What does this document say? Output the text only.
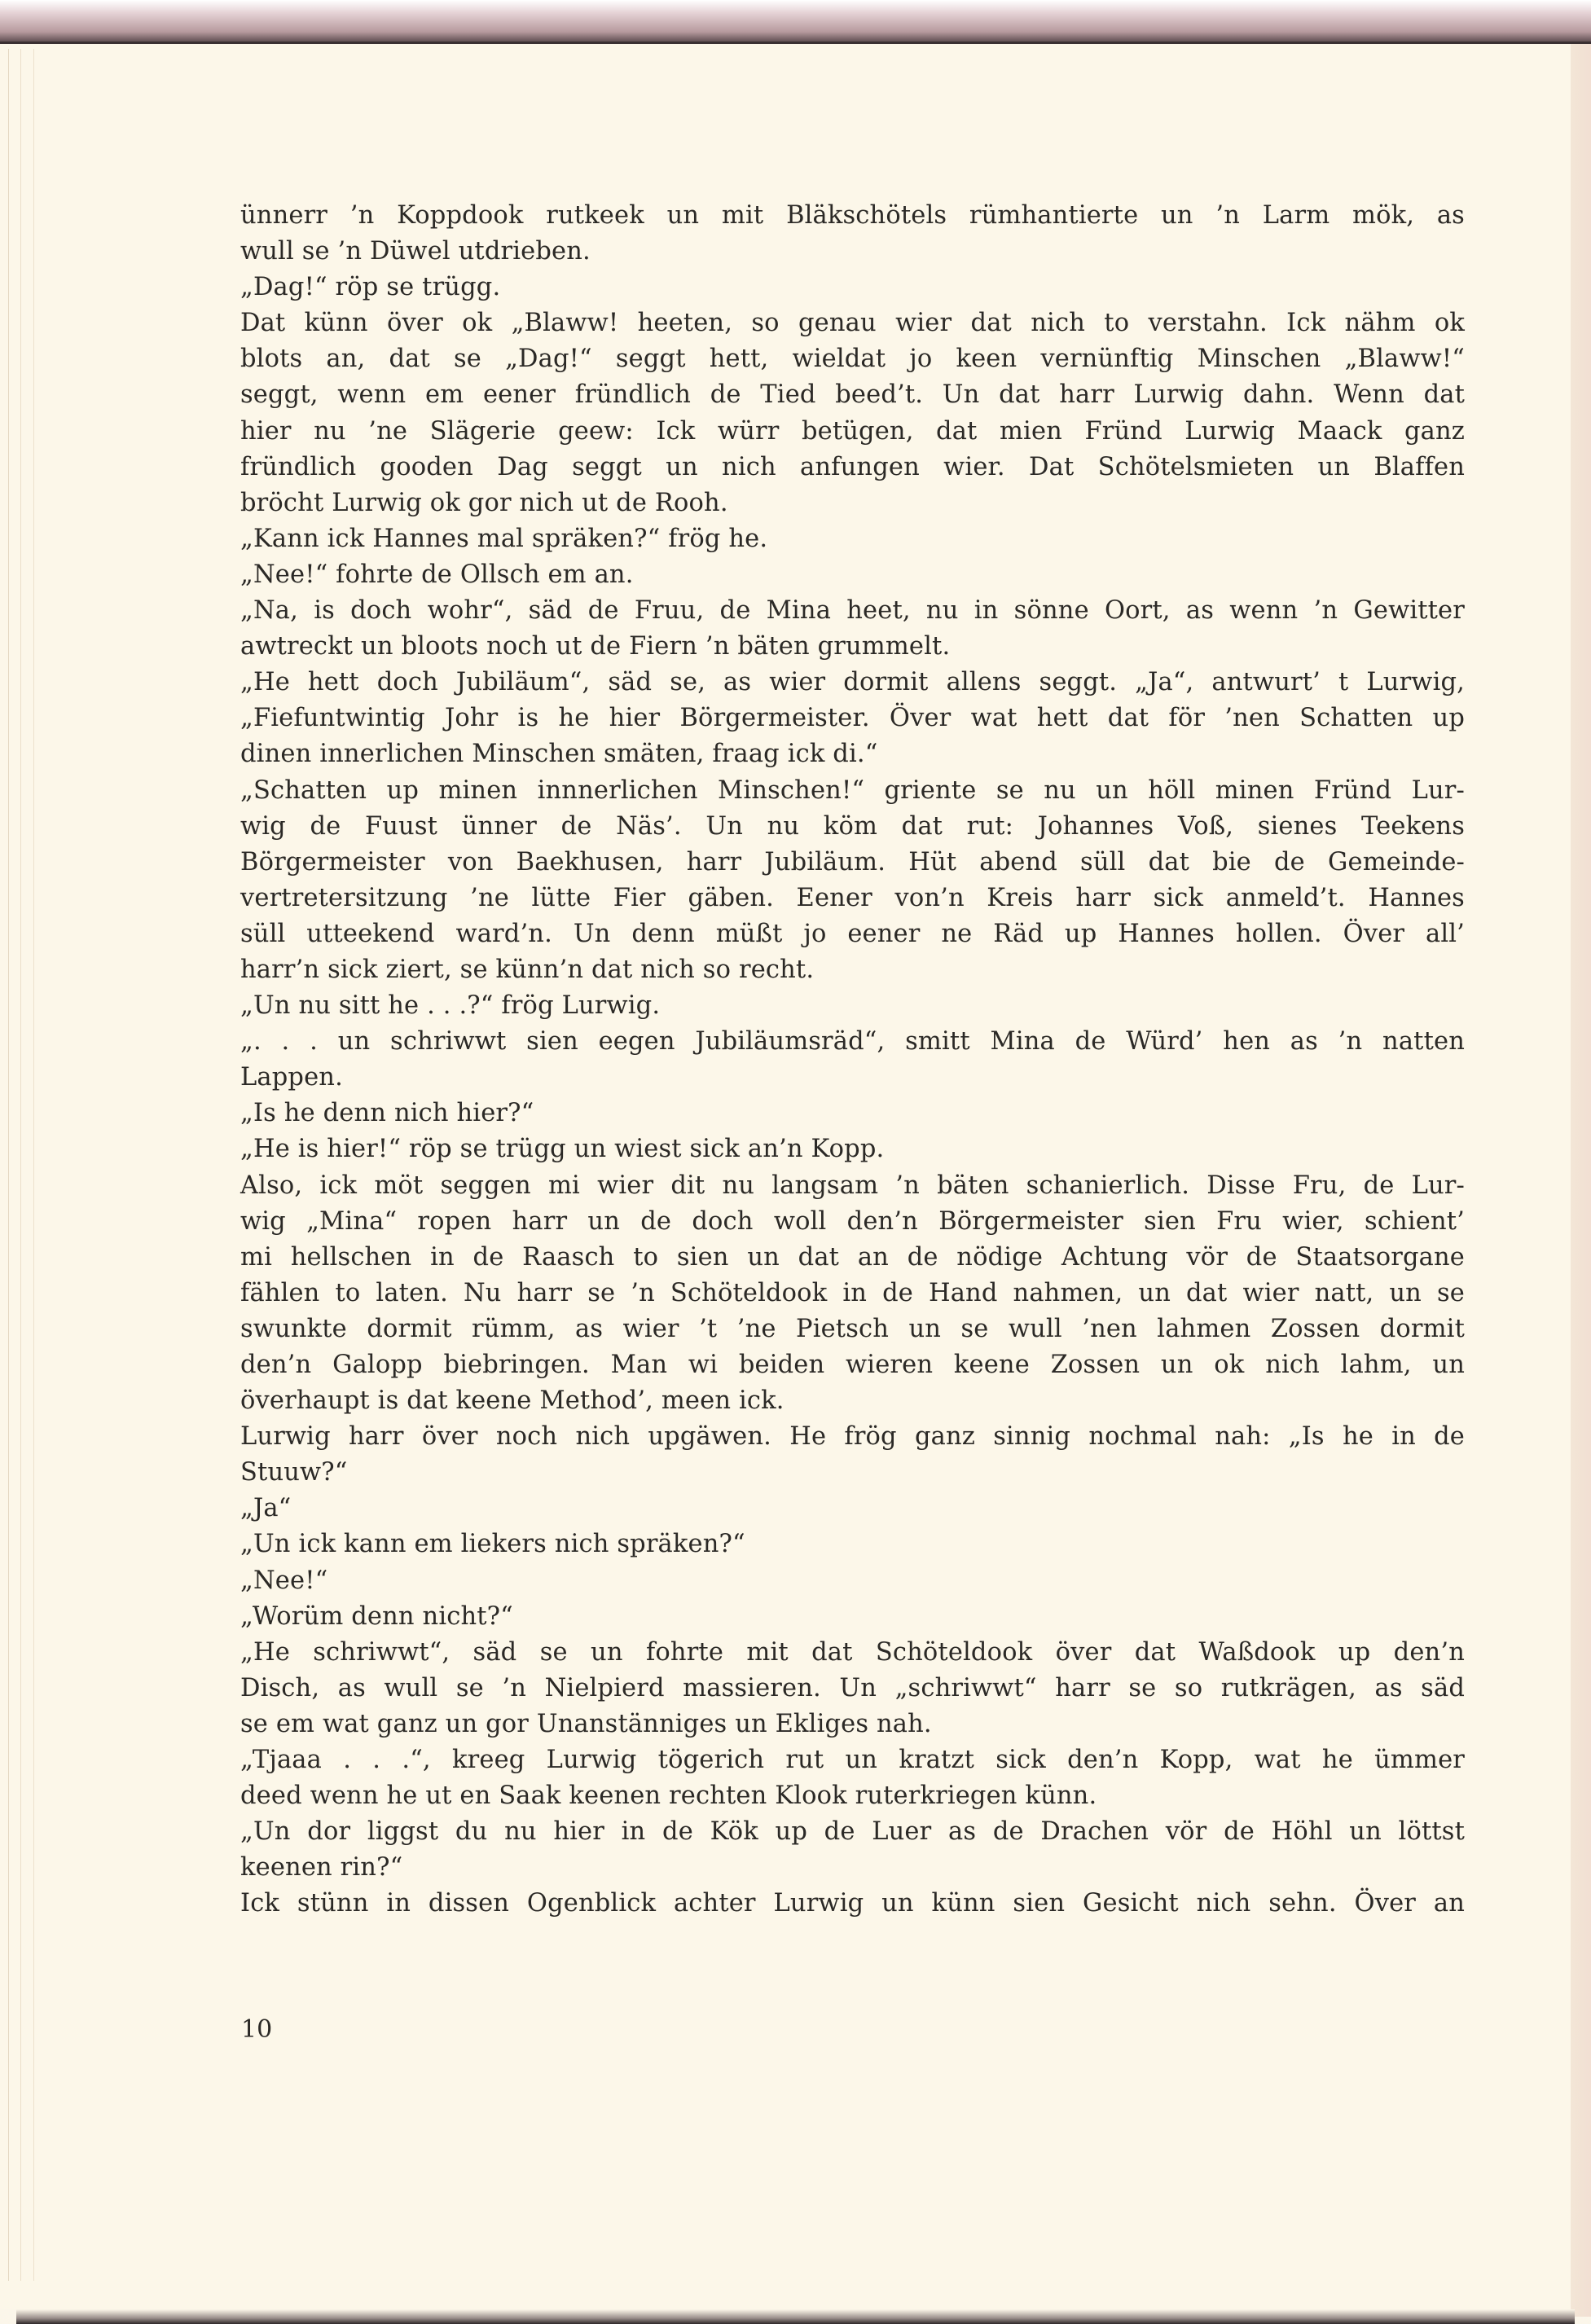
ünnerr ’n Koppdook rutkeek un mit Bläkschötels rümhantierte un ’n Larm mök, as
wull se ’n Düwel utdrieben.
„Dag!“ röp se trügg.
Dat künn över ok „Blaww! heeten, so genau wier dat nich to verstahn. Ick nähm ok
blots an, dat se „Dag!“ seggt hett, wieldat jo keen vernünftig Minschen „Blaww!“
seggt, wenn em eener fründlich de Tied beed’t. Un dat harr Lurwig dahn. Wenn dat
hier nu ’ne Slägerie geew: Ick würr betügen, dat mien Fründ Lurwig Maack ganz
fründlich gooden Dag seggt un nich anfungen wier. Dat Schötelsmieten un Blaffen
bröcht Lurwig ok gor nich ut de Rooh.
„Kann ick Hannes mal spräken?“ frög he.
„Nee!“ fohrte de Ollsch em an.
„Na, is doch wohr“, säd de Fruu, de Mina heet, nu in sönne Oort, as wenn ’n Gewitter
awtreckt un bloots noch ut de Fiern ’n bäten grummelt.
„He hett doch Jubiläum“, säd se, as wier dormit allens seggt. „Ja“, antwurt’ t Lurwig,
„Fiefuntwintig Johr is he hier Börgermeister. Över wat hett dat för ’nen Schatten up
dinen innerlichen Minschen smäten, fraag ick di.“
„Schatten up minen innnerlichen Minschen!“ griente se nu un höll minen Fründ Lur-
wig de Fuust ünner de Näs’. Un nu köm dat rut: Johannes Voß, sienes Teekens
Börgermeister von Baekhusen, harr Jubiläum. Hüt abend süll dat bie de Gemeinde-
vertretersitzung ’ne lütte Fier gäben. Eener von’n Kreis harr sick anmeld’t. Hannes
süll utteekend ward’n. Un denn müßt jo eener ne Räd up Hannes hollen. Över all’
harr’n sick ziert, se künn’n dat nich so recht.
„Un nu sitt he . . .?“ frög Lurwig.
„. . . un schriwwt sien eegen Jubiläumsräd“, smitt Mina de Würd’ hen as ’n natten
Lappen.
„Is he denn nich hier?“
„He is hier!“ röp se trügg un wiest sick an’n Kopp.
Also, ick möt seggen mi wier dit nu langsam ’n bäten schanierlich. Disse Fru, de Lur-
wig „Mina“ ropen harr un de doch woll den’n Börgermeister sien Fru wier, schient’
mi hellschen in de Raasch to sien un dat an de nödige Achtung vör de Staatsorgane
fählen to laten. Nu harr se ’n Schöteldook in de Hand nahmen, un dat wier natt, un se
swunkte dormit rümm, as wier ’t ’ne Pietsch un se wull ’nen lahmen Zossen dormit
den’n Galopp biebringen. Man wi beiden wieren keene Zossen un ok nich lahm, un
överhaupt is dat keene Method’, meen ick.
Lurwig harr över noch nich upgäwen. He frög ganz sinnig nochmal nah: „Is he in de
Stuuw?“
„Ja“
„Un ick kann em liekers nich spräken?“
„Nee!“
„Worüm denn nicht?“
„He schriwwt“, säd se un fohrte mit dat Schöteldook över dat Waßdook up den’n
Disch, as wull se ’n Nielpierd massieren. Un „schriwwt“ harr se so rutkrägen, as säd
se em wat ganz un gor Unanstänniges un Ekliges nah.
„Tjaaa . . .“, kreeg Lurwig tögerich rut un kratzt sick den’n Kopp, wat he ümmer
deed wenn he ut en Saak keenen rechten Klook ruterkriegen künn.
„Un dor liggst du nu hier in de Kök up de Luer as de Drachen vör de Höhl un löttst
keenen rin?“
Ick stünn in dissen Ogenblick achter Lurwig un künn sien Gesicht nich sehn. Över an
10
